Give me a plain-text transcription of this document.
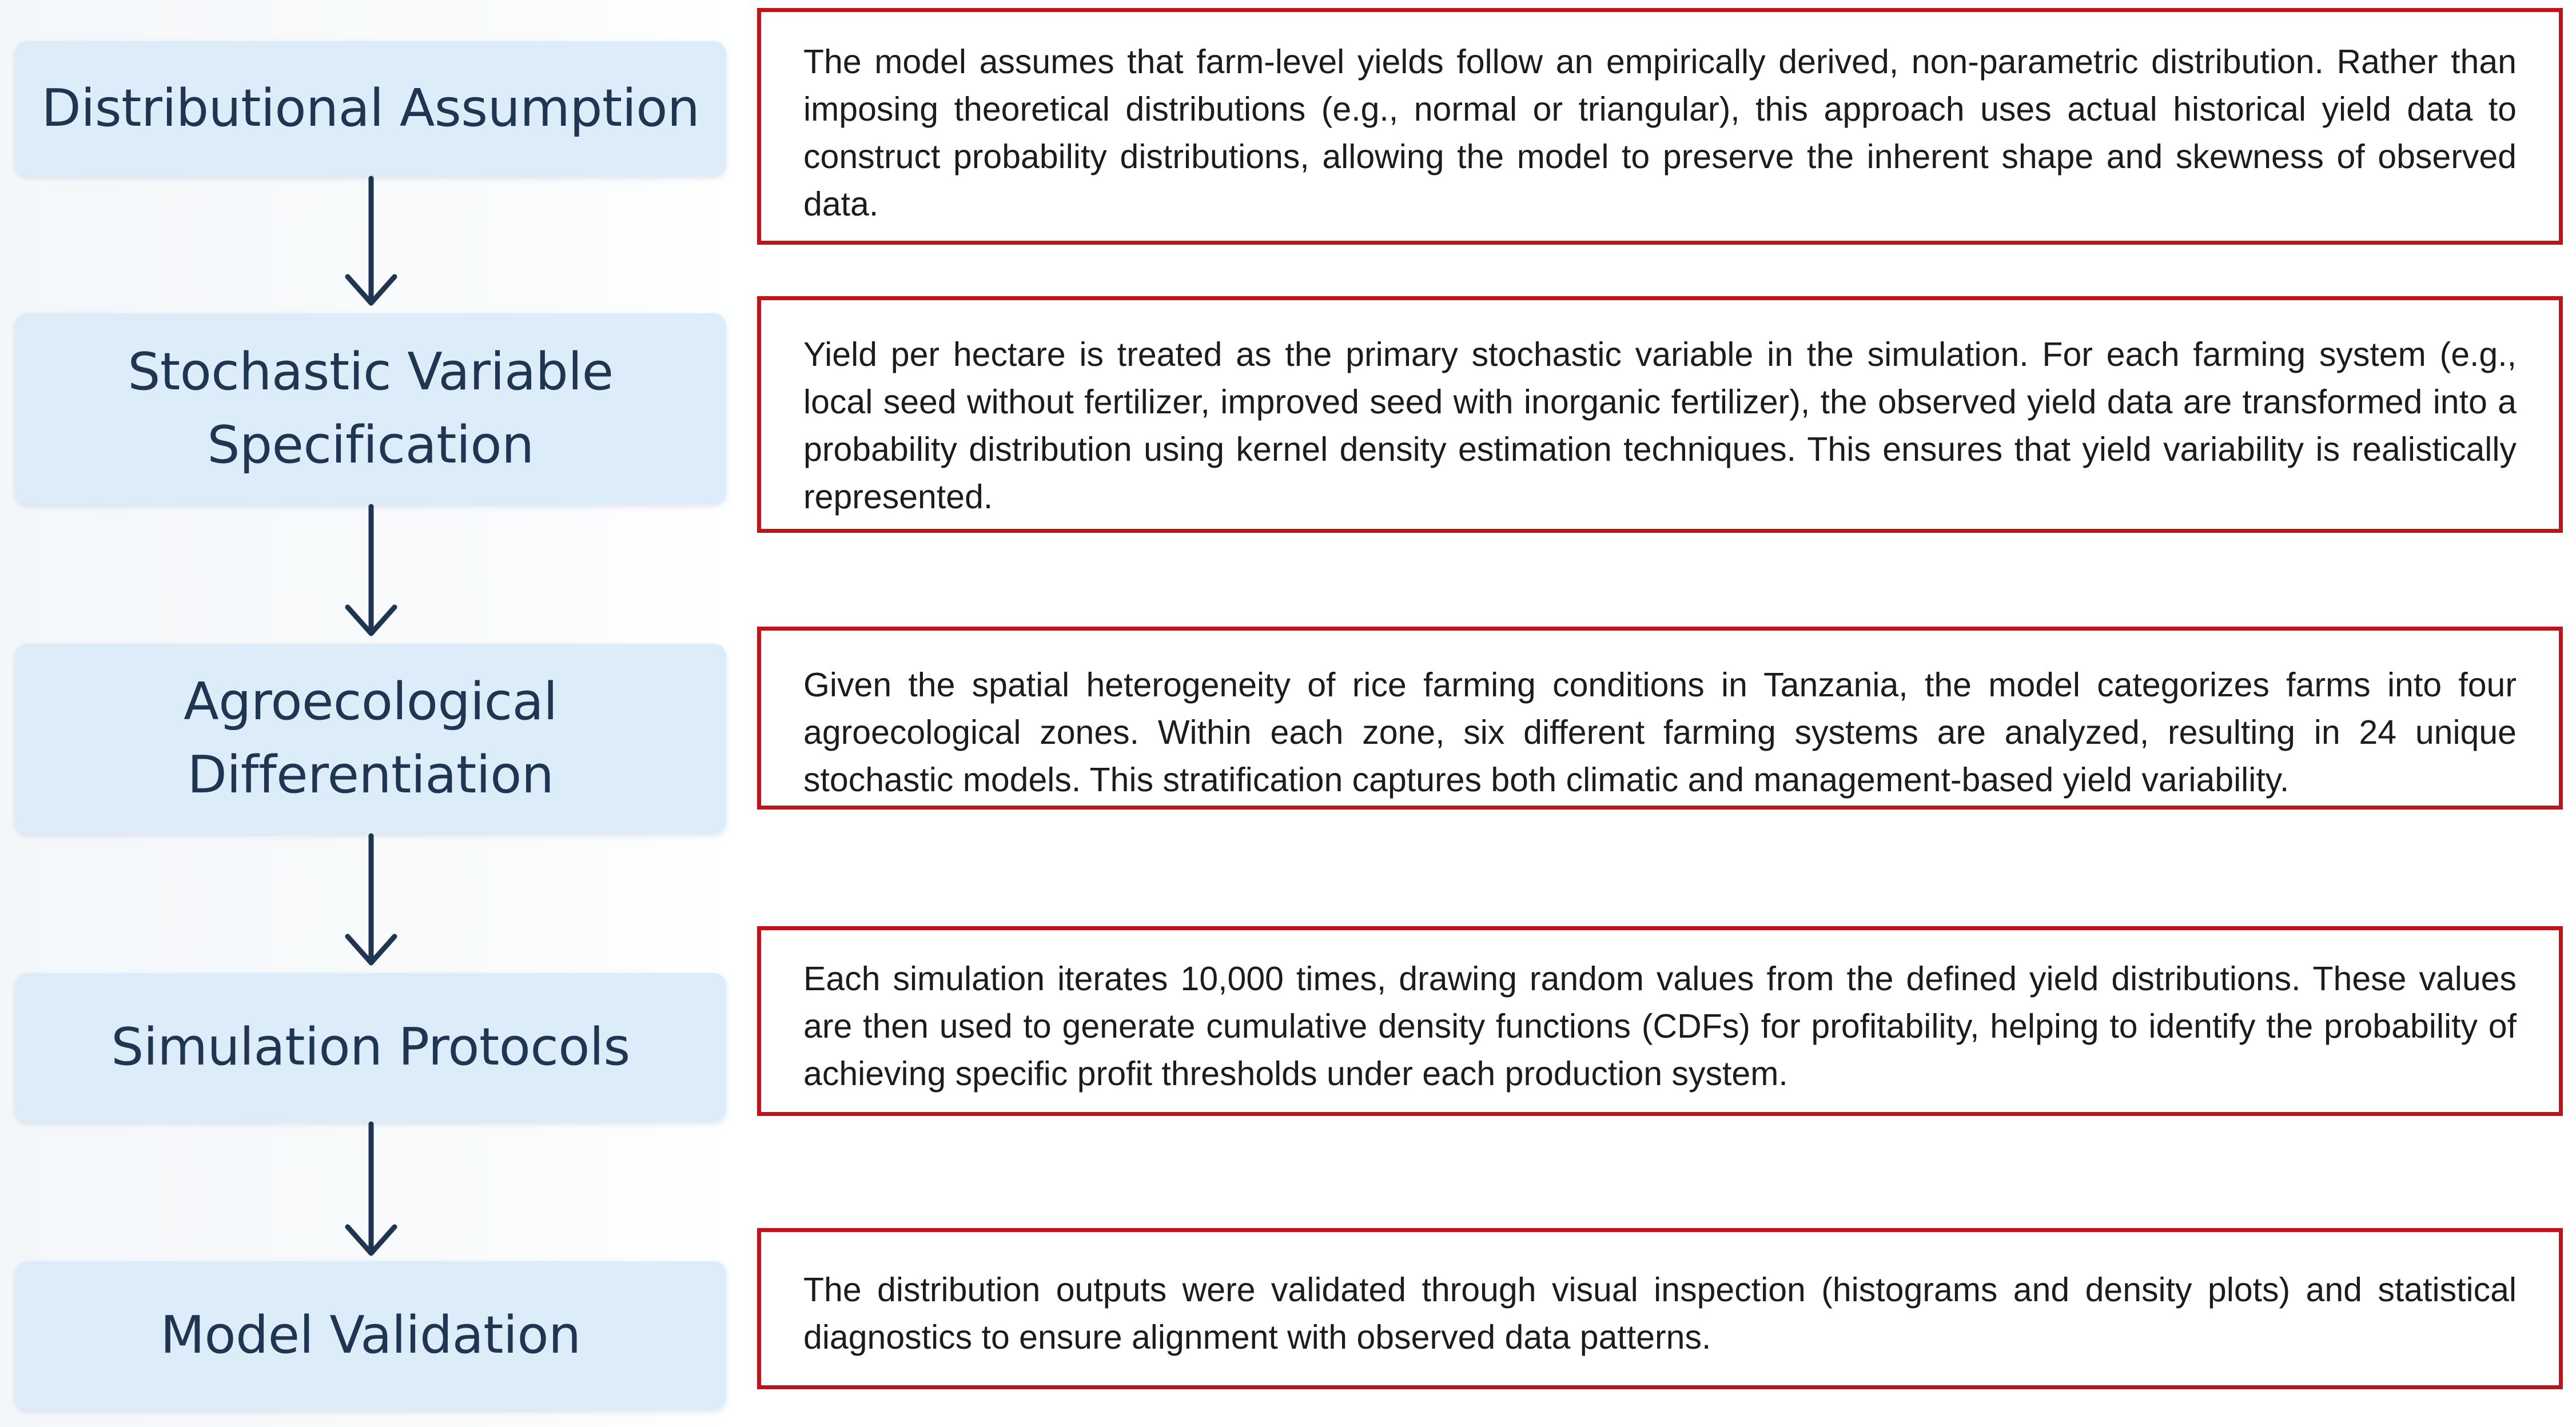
Distributional Assumption
Stochastic Variable Specification
Agroecological Differentiation
Simulation Protocols
Model Validation

The model assumes that farm-level yields follow an empirically derived, non-parametric distribution. Rather than imposing theoretical distributions (e.g., normal or triangular), this approach uses actual historical yield data to construct probability distributions, allowing the model to preserve the inherent shape and skewness of observed data.

Yield per hectare is treated as the primary stochastic variable in the simulation. For each farming system (e.g., local seed without fertilizer, improved seed with inorganic fertilizer), the observed yield data are transformed into a probability distribution using kernel density estimation techniques. This ensures that yield variability is realistically represented.

Given the spatial heterogeneity of rice farming conditions in Tanzania, the model categorizes farms into four agroecological zones. Within each zone, six different farming systems are analyzed, resulting in 24 unique stochastic models. This stratification captures both climatic and management-based yield variability.

Each simulation iterates 10,000 times, drawing random values from the defined yield distributions. These values are then used to generate cumulative density functions (CDFs) for profitability, helping to identify the probability of achieving specific profit thresholds under each production system.

The distribution outputs were validated through visual inspection (histograms and density plots) and statistical diagnostics to ensure alignment with observed data patterns.
